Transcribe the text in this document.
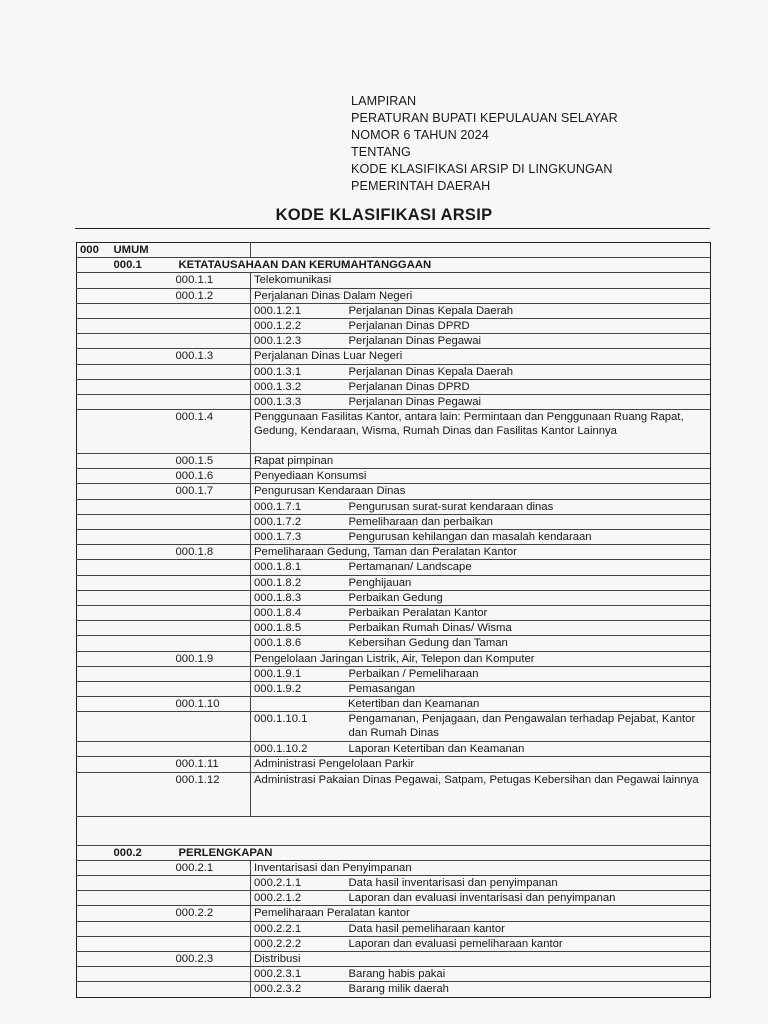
LAMPIRAN
PERATURAN BUPATI KEPULAUAN SELAYAR
NOMOR 6 TAHUN 2024
TENTANG
KODE KLASIFIKASI ARSIP DI LINGKUNGAN
PEMERINTAH DAERAH
KODE KLASIFIKASI ARSIP
000	UMUM				
	000.1	KETATAUSAHAAN DAN KERUMAHTANGGAAN		
		000.1.1	Telekomunikasi	
		000.1.2	Perjalanan Dinas Dalam Negeri	
			000.1.2.1	Perjalanan Dinas Kepala Daerah
			000.1.2.2	Perjalanan Dinas DPRD
			000.1.2.3	Perjalanan Dinas Pegawai
		000.1.3	Perjalanan Dinas Luar Negeri	
			000.1.3.1	Perjalanan Dinas Kepala Daerah
			000.1.3.2	Perjalanan Dinas DPRD
			000.1.3.3	Perjalanan Dinas Pegawai
		000.1.4	Penggunaan Fasilitas Kantor, antara lain: Permintaan dan Penggunaan Ruang Rapat, Gedung, Kendaraan, Wisma, Rumah Dinas dan Fasilitas Kantor Lainnya	
		000.1.5	Rapat pimpinan	
		000.1.6	Penyediaan Konsumsi	
		000.1.7	Pengurusan Kendaraan Dinas	
			000.1.7.1	Pengurusan surat-surat kendaraan dinas
			000.1.7.2	Pemeliharaan dan perbaikan
			000.1.7.3	Pengurusan kehilangan dan masalah kendaraan
		000.1.8	Pemeliharaan Gedung, Taman dan Peralatan Kantor	
			000.1.8.1	Pertamanan/ Landscape
			000.1.8.2	Penghijauan
			000.1.8.3	Perbaikan Gedung
			000.1.8.4	Perbaikan Peralatan Kantor
			000.1.8.5	Perbaikan Rumah Dinas/ Wisma
			000.1.8.6	Kebersihan Gedung dan Taman
		000.1.9	Pengelolaan Jaringan Listrik, Air, Telepon dan Komputer	
			000.1.9.1	Perbaikan / Pemeliharaan
			000.1.9.2	Pemasangan
		000.1.10	Ketertiban dan Keamanan	
			000.1.10.1	Pengamanan, Penjagaan, dan Pengawalan terhadap Pejabat, Kantor dan Rumah Dinas
			000.1.10.2	Laporan Ketertiban dan Keamanan
		000.1.11	Administrasi Pengelolaan Parkir	
		000.1.12	Administrasi Pakaian Dinas Pegawai, Satpam, Petugas Kebersihan dan Pegawai lainnya	

	000.2	PERLENGKAPAN		
		000.2.1	Inventarisasi dan Penyimpanan	
			000.2.1.1	Data hasil inventarisasi dan penyimpanan
			000.2.1.2	Laporan dan evaluasi inventarisasi dan penyimpanan
		000.2.2	Pemeliharaan Peralatan kantor	
			000.2.2.1	Data hasil pemeliharaan kantor
			000.2.2.2	Laporan dan evaluasi pemeliharaan kantor
		000.2.3	Distribusi	
			000.2.3.1	Barang habis pakai
			000.2.3.2	Barang milik daerah
